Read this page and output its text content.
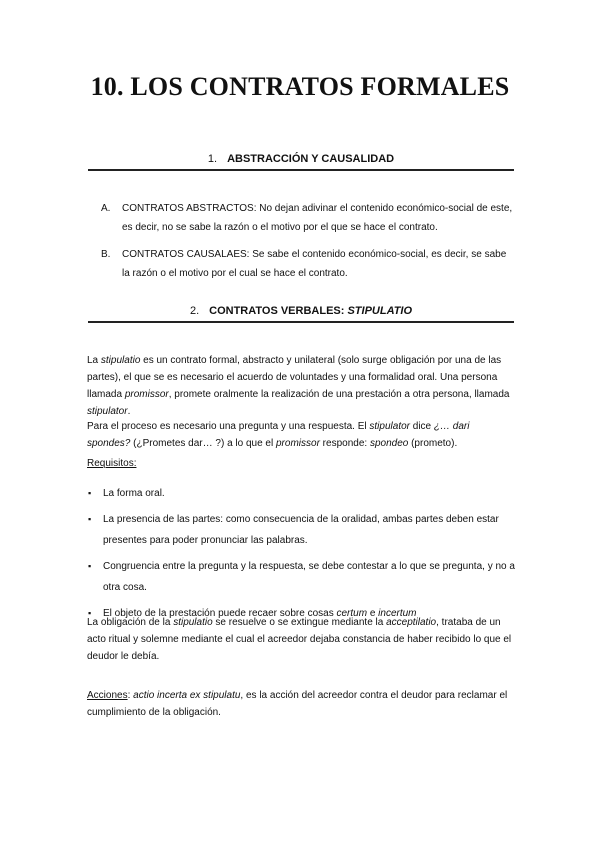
10. LOS CONTRATOS FORMALES
1. ABSTRACCIÓN Y CAUSALIDAD
A. CONTRATOS ABSTRACTOS: No dejan adivinar el contenido económico-social de este, es decir, no se sabe la razón o el motivo por el que se hace el contrato.
B. CONTRATOS CAUSALAES: Se sabe el contenido económico-social, es decir, se sabe la razón o el motivo por el cual se hace el contrato.
2. CONTRATOS VERBALES: STIPULATIO

La stipulatio es un contrato formal, abstracto y unilateral (solo surge obligación por una de las partes), el que se es necesario el acuerdo de voluntades y una formalidad oral. Una persona llamada promissor, promete oralmente la realización de una prestación a otra persona, llamada stipulator.

Para el proceso es necesario una pregunta y una respuesta. El stipulator dice ¿… dari spondes? (¿Prometes dar… ?) a lo que el promissor responde: spondeo (prometo).

Requisitos:
▪ La forma oral.
▪ La presencia de las partes: como consecuencia de la oralidad, ambas partes deben estar presentes para poder pronunciar las palabras.
▪ Congruencia entre la pregunta y la respuesta, se debe contestar a lo que se pregunta, y no a otra cosa.
▪ El objeto de la prestación puede recaer sobre cosas certum e incertum

La obligación de la stipulatio se resuelve o se extingue mediante la acceptilatio, trataba de un acto ritual y solemne mediante el cual el acreedor dejaba constancia de haber recibido lo que el deudor le debía.

Acciones: actio incerta ex stipulatu, es la acción del acreedor contra el deudor para reclamar el cumplimiento de la obligación.
